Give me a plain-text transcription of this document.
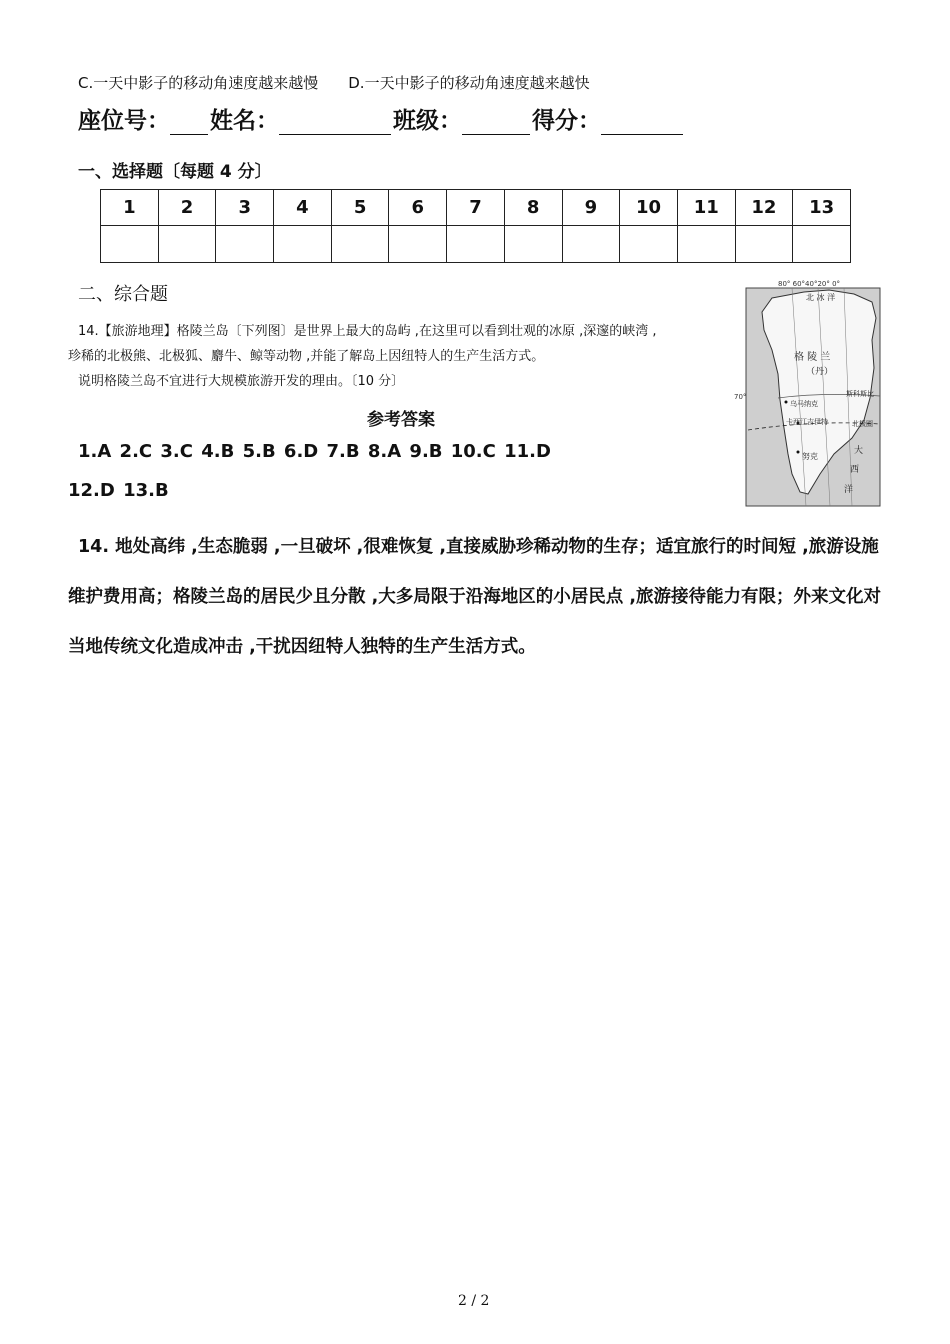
C.一天中影子的移动角速度越来越慢 D.一天中影子的移动角速度越来越快
座位号： 姓名：	班级：	得分：
一、选择题〔每题 4 分〕
1	2	3	4	5	6	7	8	9	10	11	12	13

二、综合题
14.【旅游地理】格陵兰岛〔下列图〕是世界上最大的岛屿 ,在这里可以看到壮观的冰原 ,深邃的峡湾 ,
珍稀的北极熊、北极狐、麝牛、鲸等动物 ,并能了解岛上因纽特人的生产生活方式。
说明格陵兰岛不宜进行大规模旅游开发的理由。〔10 分〕
80° 60°40°20° 0°
70°
北 冰 洋
格 陵 兰
（丹）
乌马纳克
斯科斯比
卡西江吉伊特	北极圈
努克
大
西
洋
参考答案
1.A 2.C 3.C 4.B 5.B 6.D 7.B 8.A 9.B 10.C 11.D
12.D 13.B
14. 地处高纬 ,生态脆弱 ,一旦破坏 ,很难恢复 ,直接威胁珍稀动物的生存；适宜旅行的时间短 ,旅游设施维护费用高；格陵兰岛的居民少且分散 ,大多局限于沿海地区的小居民点 ,旅游接待能力有限；外来文化对当地传统文化造成冲击 ,干扰因纽特人独特的生产生活方式。
2 / 2
